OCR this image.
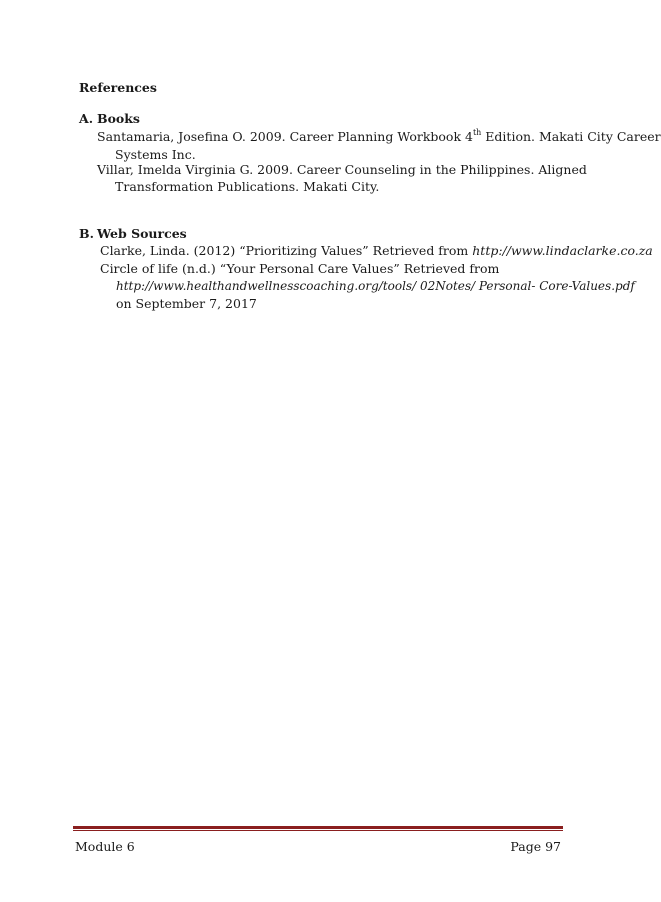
References
A. Books
Santamaria, Josefina O. 2009. Career Planning Workbook 4th Edition. Makati City Career
Systems Inc.
Villar, Imelda Virginia G. 2009. Career Counseling in the Philippines. Aligned
Transformation Publications. Makati City.
B. Web Sources
Clarke, Linda. (2012) “Prioritizing Values” Retrieved from http://www.lindaclarke.co.za
Circle of life (n.d.) “Your Personal Care Values” Retrieved from
http://www.healthandwellnesscoaching.org/tools/ 02Notes/ Personal- Core-Values.pdf
on September 7, 2017
Module 6	Page 97
